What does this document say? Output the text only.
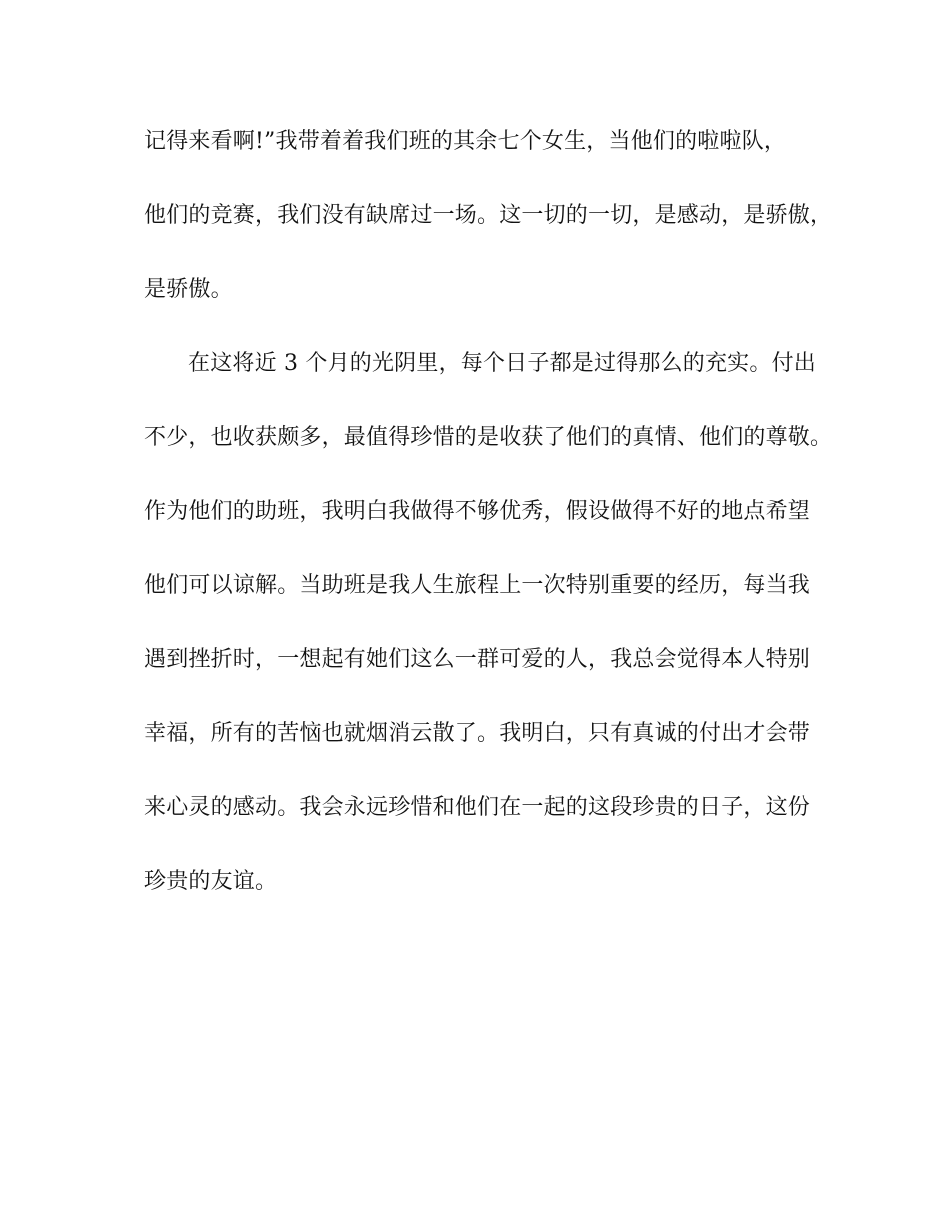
记得来看啊!”我带着着我们班的其余七个女生，当他们的啦啦队，
他们的竞赛，我们没有缺席过一场。这一切的一切，是感动，是骄傲，
是骄傲。
在这将近 3 个月的光阴里，每个日子都是过得那么的充实。付出
不少，也收获颇多，最值得珍惜的是收获了他们的真情、他们的尊敬。
作为他们的助班，我明白我做得不够优秀，假设做得不好的地点希望
他们可以谅解。当助班是我人生旅程上一次特别重要的经历，每当我
遇到挫折时，一想起有她们这么一群可爱的人，我总会觉得本人特别
幸福，所有的苦恼也就烟消云散了。我明白，只有真诚的付出才会带
来心灵的感动。我会永远珍惜和他们在一起的这段珍贵的日子，这份
珍贵的友谊。
